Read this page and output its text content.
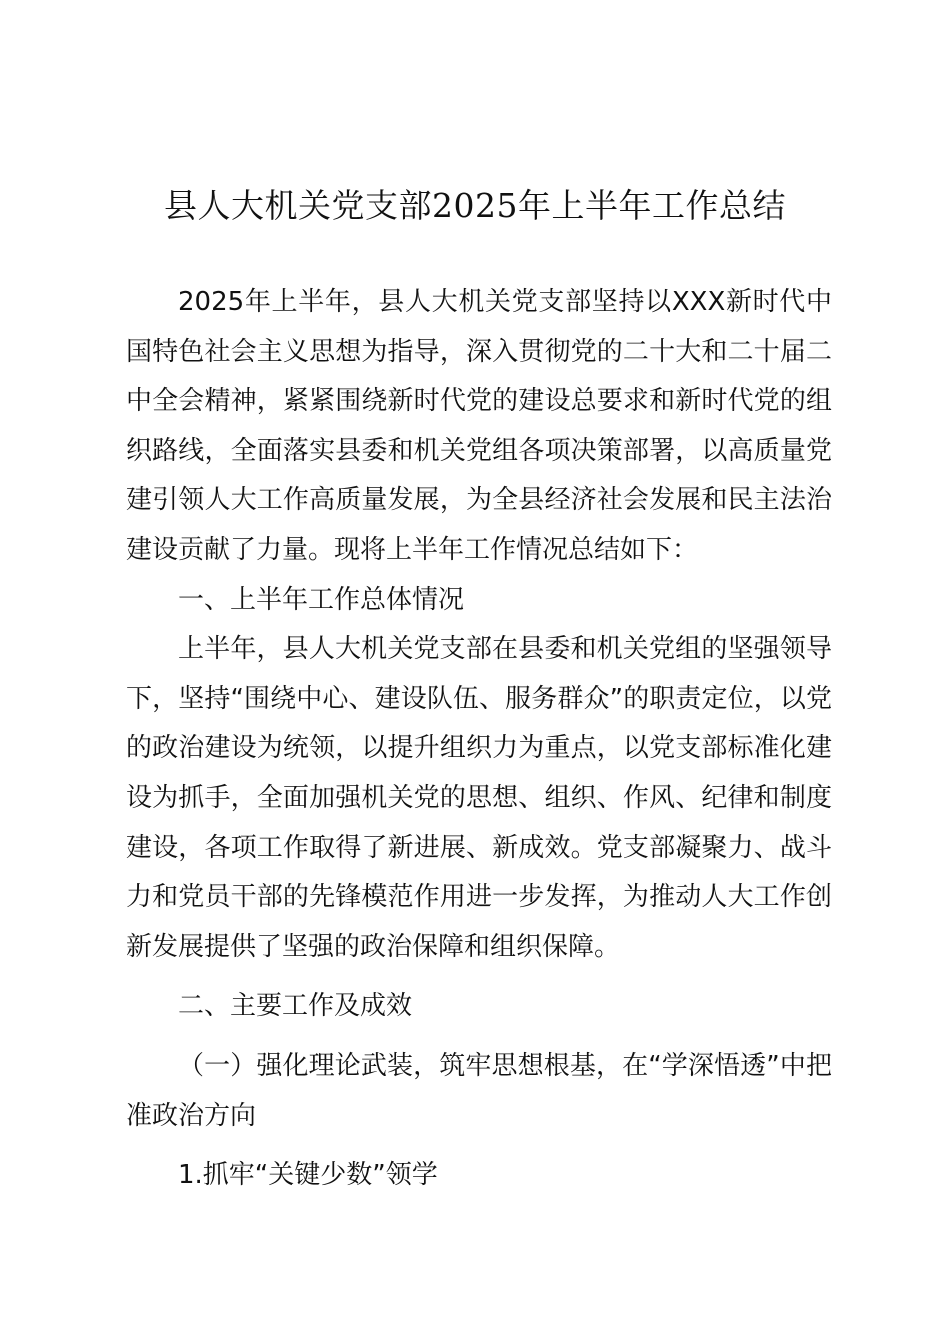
县人大机关党支部2025年上半年工作总结

2025年上半年，县人大机关党支部坚持以XXX新时代中国特色社会主义思想为指导，深入贯彻党的二十大和二十届二中全会精神，紧紧围绕新时代党的建设总要求和新时代党的组织路线，全面落实县委和机关党组各项决策部署，以高质量党建引领人大工作高质量发展，为全县经济社会发展和民主法治建设贡献了力量。现将上半年工作情况总结如下：

一、上半年工作总体情况

上半年，县人大机关党支部在县委和机关党组的坚强领导下，坚持“围绕中心、建设队伍、服务群众”的职责定位，以党的政治建设为统领，以提升组织力为重点，以党支部标准化建设为抓手，全面加强机关党的思想、组织、作风、纪律和制度建设，各项工作取得了新进展、新成效。党支部凝聚力、战斗力和党员干部的先锋模范作用进一步发挥，为推动人大工作创新发展提供了坚强的政治保障和组织保障。

二、主要工作及成效

（一）强化理论武装，筑牢思想根基，在“学深悟透”中把准政治方向

1.抓牢“关键少数”领学
